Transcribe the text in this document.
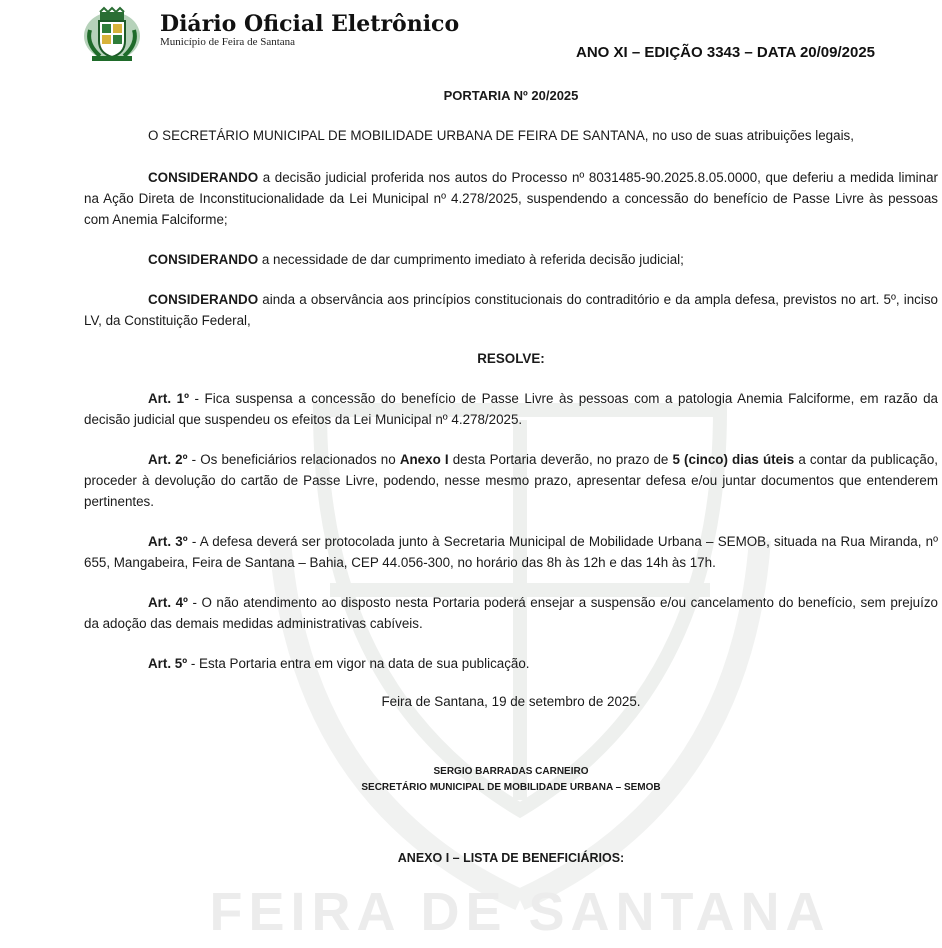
Diário Oficial Eletrônico
Município de Feira de Santana
ANO XI – EDIÇÃO 3343 – DATA 20/09/2025
FEIRA DE SANTANA

PORTARIA Nº 20/2025

O SECRETÁRIO MUNICIPAL DE MOBILIDADE URBANA DE FEIRA DE SANTANA, no uso de suas atribuições legais,

CONSIDERANDO a decisão judicial proferida nos autos do Processo nº 8031485-90.2025.8.05.0000, que deferiu a medida liminar na Ação Direta de Inconstitucionalidade da Lei Municipal nº 4.278/2025, suspendendo a concessão do benefício de Passe Livre às pessoas com Anemia Falciforme;

CONSIDERANDO a necessidade de dar cumprimento imediato à referida decisão judicial;

CONSIDERANDO ainda a observância aos princípios constitucionais do contraditório e da ampla defesa, previstos no art. 5º, inciso LV, da Constituição Federal,

RESOLVE:

Art. 1º - Fica suspensa a concessão do benefício de Passe Livre às pessoas com a patologia Anemia Falciforme, em razão da decisão judicial que suspendeu os efeitos da Lei Municipal nº 4.278/2025.

Art. 2º - Os beneficiários relacionados no Anexo I desta Portaria deverão, no prazo de 5 (cinco) dias úteis a contar da publicação, proceder à devolução do cartão de Passe Livre, podendo, nesse mesmo prazo, apresentar defesa e/ou juntar documentos que entenderem pertinentes.

Art. 3º - A defesa deverá ser protocolada junto à Secretaria Municipal de Mobilidade Urbana – SEMOB, situada na Rua Miranda, nº 655, Mangabeira, Feira de Santana – Bahia, CEP 44.056-300, no horário das 8h às 12h e das 14h às 17h.

Art. 4º - O não atendimento ao disposto nesta Portaria poderá ensejar a suspensão e/ou cancelamento do benefício, sem prejuízo da adoção das demais medidas administrativas cabíveis.

Art. 5º - Esta Portaria entra em vigor na data de sua publicação.

Feira de Santana, 19 de setembro de 2025.

SERGIO BARRADAS CARNEIRO

SECRETÁRIO MUNICIPAL DE MOBILIDADE URBANA – SEMOB

ANEXO I – LISTA DE BENEFICIÁRIOS:
